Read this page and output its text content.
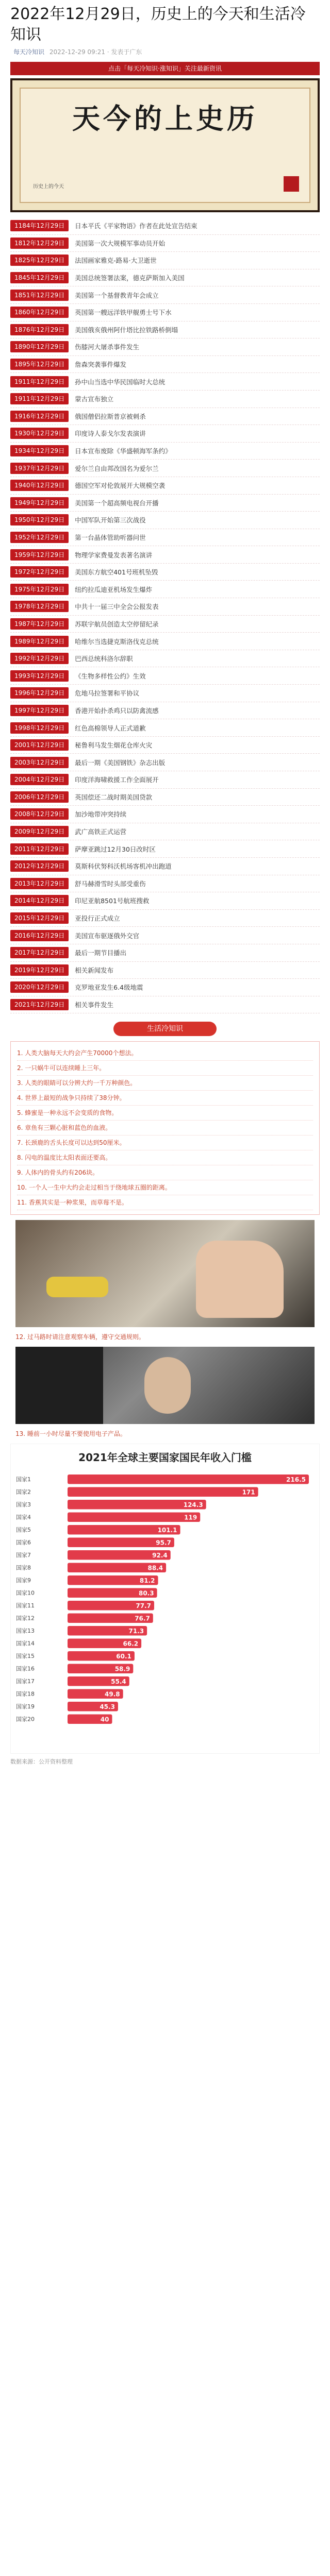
2022年12月29日，历史上的今天和生活冷知识
每天冷知识 2022-12-29 09:21 · 发表于广东
点击「每天冷知识·涨知识」关注最新资讯
天今的上史历
历史上的今天
1184年12月29日	日本平氏《平家物语》作者在此处宣告结束
1812年12月29日	美国第一次大规模军事动员开始
1825年12月29日	法国画家雅克-路易·大卫逝世
1845年12月29日	美国总统签署法案，德克萨斯加入美国
1851年12月29日	美国第一个基督教青年会成立
1860年12月29日	英国第一艘远洋铁甲舰勇士号下水
1876年12月29日	美国俄亥俄州阿什塔比拉铁路桥倒塌
1890年12月29日	伤膝河大屠杀事件发生
1895年12月29日	詹森突袭事件爆发
1911年12月29日	孙中山当选中华民国临时大总统
1911年12月29日	蒙古宣布独立
1916年12月29日	俄国僧侣拉斯普京被刺杀
1930年12月29日	印度诗人泰戈尔发表演讲
1934年12月29日	日本宣布废除《华盛顿海军条约》
1937年12月29日	爱尔兰自由邦改国名为爱尔兰
1940年12月29日	德国空军对伦敦展开大规模空袭
1949年12月29日	美国第一个超高频电视台开播
1950年12月29日	中国军队开始第三次战役
1952年12月29日	第一台晶体管助听器问世
1959年12月29日	物理学家费曼发表著名演讲
1972年12月29日	美国东方航空401号班机坠毁
1975年12月29日	纽约拉瓜迪亚机场发生爆炸
1978年12月29日	中共十一届三中全会公报发表
1987年12月29日	苏联宇航员创造太空停留纪录
1989年12月29日	哈维尔当选捷克斯洛伐克总统
1992年12月29日	巴西总统科洛尔辞职
1993年12月29日	《生物多样性公约》生效
1996年12月29日	危地马拉签署和平协议
1997年12月29日	香港开始扑杀鸡只以防禽流感
1998年12月29日	红色高棉领导人正式道歉
2001年12月29日	秘鲁利马发生烟花仓库火灾
2003年12月29日	最后一期《美国钢铁》杂志出版
2004年12月29日	印度洋海啸救援工作全面展开
2006年12月29日	英国偿还二战时期美国贷款
2008年12月29日	加沙地带冲突持续
2009年12月29日	武广高铁正式运营
2011年12月29日	萨摩亚跳过12月30日改时区
2012年12月29日	莫斯科伏努科沃机场客机冲出跑道
2013年12月29日	舒马赫滑雪时头部受重伤
2014年12月29日	印尼亚航8501号航班搜救
2015年12月29日	亚投行正式成立
2016年12月29日	美国宣布驱逐俄外交官
2017年12月29日	最后一期节目播出
2019年12月29日	相关新闻发布
2020年12月29日	克罗地亚发生6.4级地震
2021年12月29日	相关事件发生
生活冷知识
1. 人类大脑每天大约会产生70000个想法。
2. 一只蜗牛可以连续睡上三年。
3. 人类的眼睛可以分辨大约一千万种颜色。
4. 世界上最短的战争只持续了38分钟。
5. 蜂蜜是一种永远不会变质的食物。
6. 章鱼有三颗心脏和蓝色的血液。
7. 长颈鹿的舌头长度可以达到50厘米。
8. 闪电的温度比太阳表面还要高。
9. 人体内的骨头约有206块。
10. 一个人一生中大约会走过相当于绕地球五圈的距离。
11. 香蕉其实是一种浆果，而草莓不是。
12. 过马路时请注意观察车辆，遵守交通规则。
13. 睡前一小时尽量不要使用电子产品。
2021年全球主要国家国民年收入门槛
国家1	216.5
国家2	171
国家3	124.3
国家4	119
国家5	101.1
国家6	95.7
国家7	92.4
国家8	88.4
国家9	81.2
国家10	80.3
国家11	77.7
国家12	76.7
国家13	71.3
国家14	66.2
国家15	60.1
国家16	58.9
国家17	55.4
国家18	49.8
国家19	45.3
国家20	40
数据来源：公开资料整理
